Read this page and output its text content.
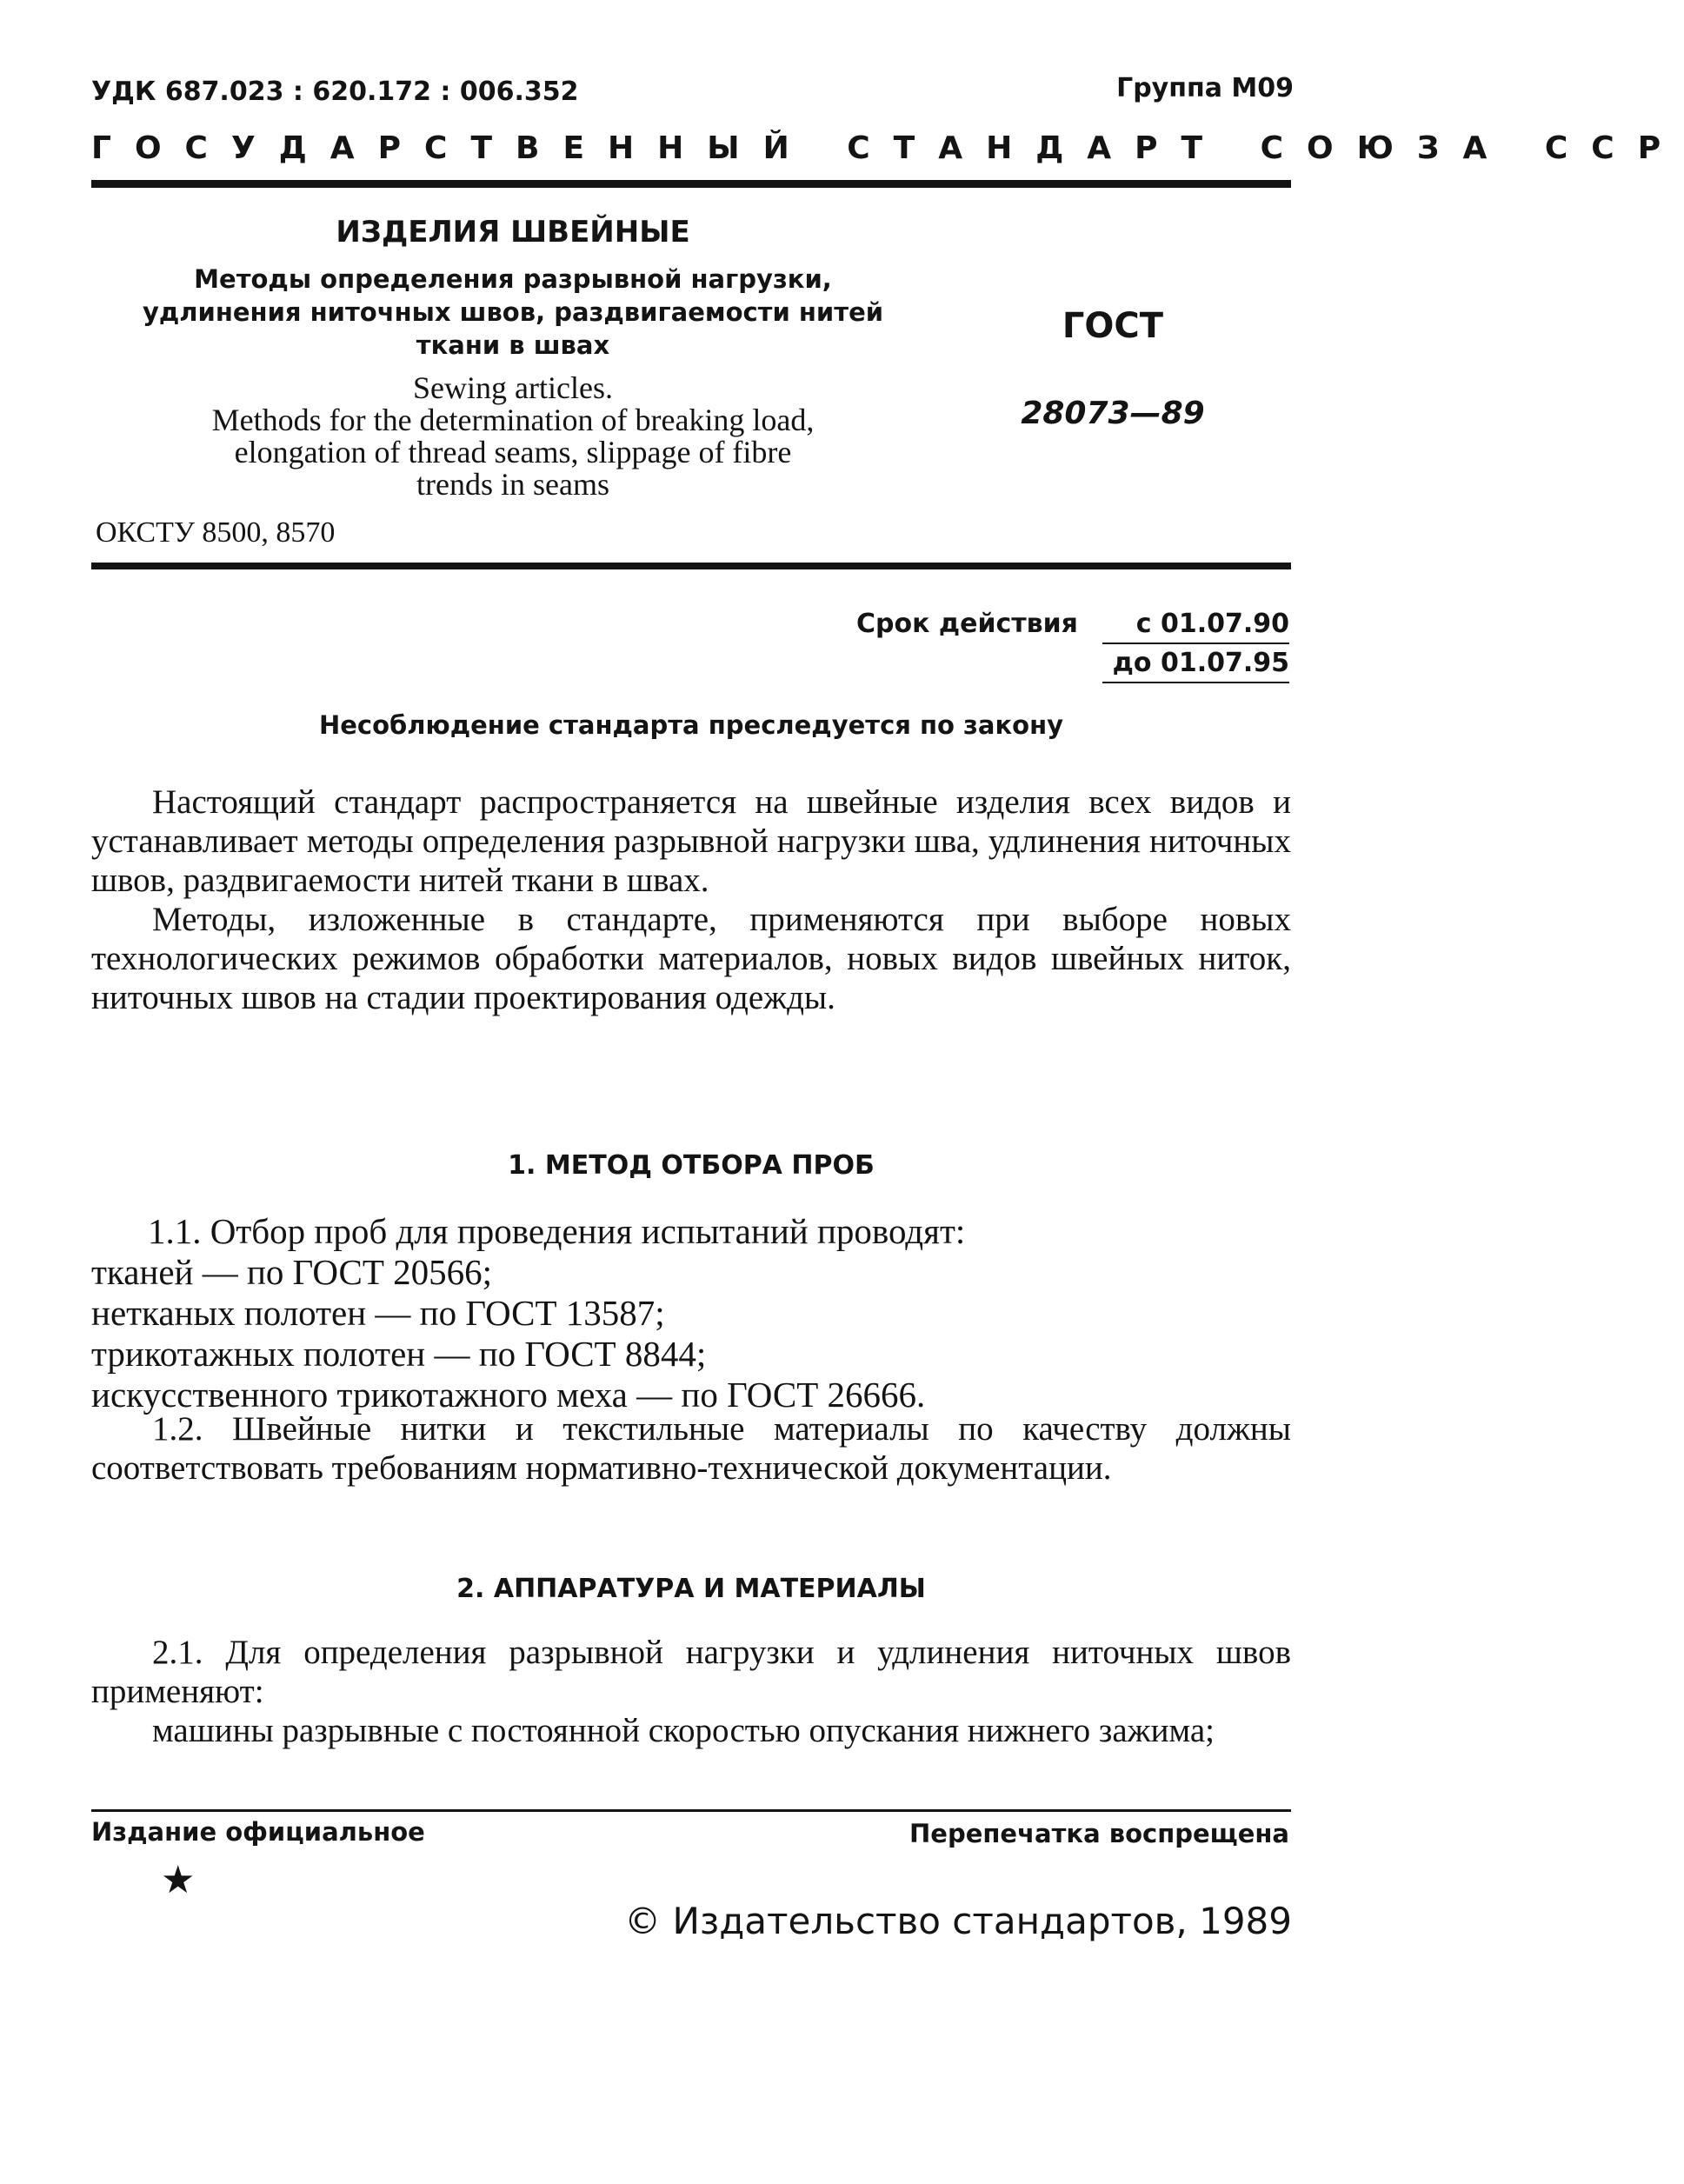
УДК 687.023 : 620.172 : 006.352	Группа М09
ГОСУДАРСТВЕННЫЙ СТАНДАРТ СОЮЗА ССР
ИЗДЕЛИЯ ШВЕЙНЫЕ
Методы определения разрывной нагрузки,
удлинения ниточных швов, раздвигаемости нитей
ткани в швах
Sewing articles.
Methods for the determination of breaking load,
elongation of thread seams, slippage of fibre
trends in seams
ОКСТУ 8500, 8570
ГОСТ
28073—89
Срок действия	с 01.07.90
до 01.07.95
Несоблюдение стандарта преследуется по закону

Настоящий стандарт распространяется на швейные изделия всех видов и устанавливает методы определения разрывной нагрузки шва, удлинения ниточных швов, раздвигаемости нитей ткани в швах.

Методы, изложенные в стандарте, применяются при выборе новых технологических режимов обработки материалов, новых видов швейных ниток, ниточных швов на стадии проектирования одежды.

1. МЕТОД ОТБОРА ПРОБ

1.1. Отбор проб для проведения испытаний проводят:

тканей — по ГОСТ 20566;

нетканых полотен — по ГОСТ 13587;

трикотажных полотен — по ГОСТ 8844;

искусственного трикотажного меха — по ГОСТ 26666.

1.2. Швейные нитки и текстильные материалы по качеству должны соответствовать требованиям нормативно-технической документации.

2. АППАРАТУРА И МАТЕРИАЛЫ

2.1. Для определения разрывной нагрузки и удлинения ниточных швов применяют:

машины разрывные с постоянной скоростью опускания нижнего зажима;

Издание официальное	Перепечатка воспрещена
★
© Издательство стандартов, 1989
